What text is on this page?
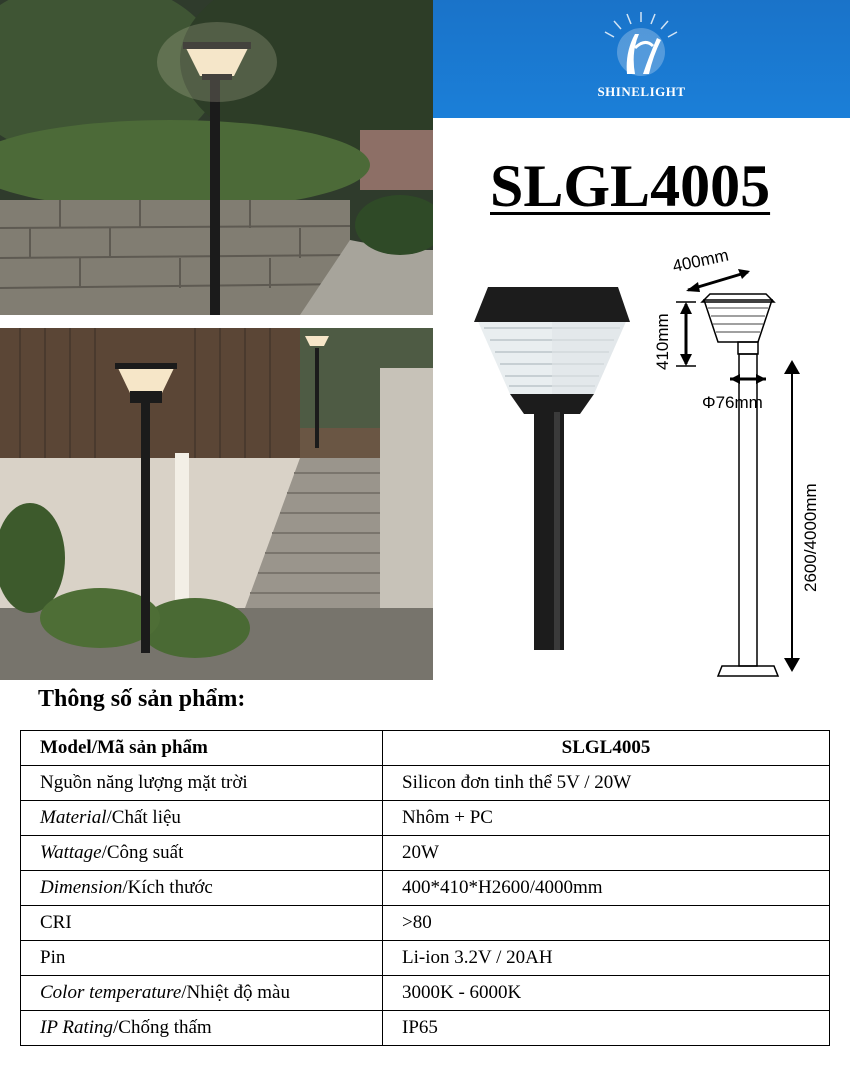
SHINELIGHT
SLGL4005
400mm
410mm
Φ76mm
2600/4000mm
Thông số sản phẩm:
Model/Mã sản phẩm	SLGL4005
Nguồn năng lượng mặt trời	Silicon đơn tinh thể 5V / 20W
Material/Chất liệu	Nhôm + PC
Wattage/Công suất	20W
Dimension/Kích thước	400*410*H2600/4000mm
CRI	>80
Pin	Li-ion 3.2V / 20AH
Color temperature/Nhiệt độ màu	3000K - 6000K
IP Rating/Chống thấm	IP65
